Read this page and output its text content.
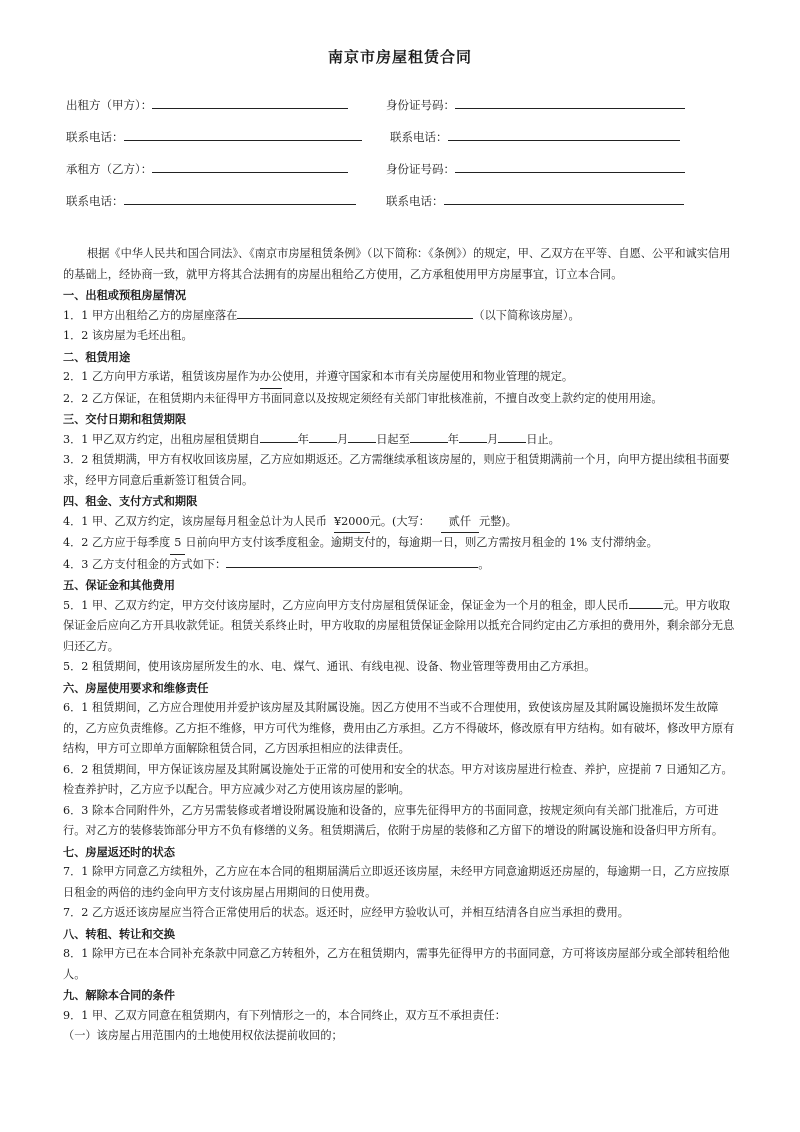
南京市房屋租赁合同
出租方（甲方）：	身份证号码：
联系电话：	联系电话：
承租方（乙方）：	身份证号码：
联系电话：	联系电话：

根据《中华人民共和国合同法》、《南京市房屋租赁条例》（以下简称：《条例》）的规定，甲、乙双方在平等、自愿、公平和诚实信用的基础上，经协商一致，就甲方将其合法拥有的房屋出租给乙方使用，乙方承租使用甲方房屋事宜，订立本合同。

一、出租或预租房屋情况

1．1 甲方出租给乙方的房屋座落在	（以下简称该房屋）。

1．2 该房屋为毛坯出租。

二、租赁用途

2．1 乙方向甲方承诺，租赁该房屋作为办公使用，并遵守国家和本市有关房屋使用和物业管理的规定。

2．2 乙方保证，在租赁期内未征得甲方书面同意以及按规定须经有关部门审批核准前，不擅自改变上款约定的使用用途。

三、交付日期和租赁期限

3．1 甲乙双方约定，出租房屋租赁期自	年	月	日起至	年	月	日止。

3．2 租赁期满，甲方有权收回该房屋，乙方应如期返还。乙方需继续承租该房屋的，则应于租赁期满前一个月，向甲方提出续租书面要求，经甲方同意后重新签订租赁合同。

四、租金、支付方式和期限

4．1 甲、乙双方约定，该房屋每月租金总计为人民币 ¥2000元。(大写： 贰仟 元整)。

4．2 乙方应于每季度 5 日前向甲方支付该季度租金。逾期支付的，每逾期一日，则乙方需按月租金的 1% 支付滞纳金。

4．3 乙方支付租金的方式如下：	。

五、保证金和其他费用

5．1 甲、乙双方约定，甲方交付该房屋时，乙方应向甲方支付房屋租赁保证金，保证金为一个月的租金，即人民币	元。甲方收取保证金后应向乙方开具收款凭证。租赁关系终止时，甲方收取的房屋租赁保证金除用以抵充合同约定由乙方承担的费用外，剩余部分无息归还乙方。

5．2 租赁期间，使用该房屋所发生的水、电、煤气、通讯、有线电视、设备、物业管理等费用由乙方承担。

六、房屋使用要求和维修责任

6．1 租赁期间，乙方应合理使用并爱护该房屋及其附属设施。因乙方使用不当或不合理使用，致使该房屋及其附属设施损坏发生故障的，乙方应负责维修。乙方拒不维修，甲方可代为维修，费用由乙方承担。乙方不得破坏，修改原有甲方结构。如有破坏，修改甲方原有结构，甲方可立即单方面解除租赁合同，乙方因承担相应的法律责任。

6．2 租赁期间，甲方保证该房屋及其附属设施处于正常的可使用和安全的状态。甲方对该房屋进行检查、养护，应提前 7 日通知乙方。检查养护时，乙方应予以配合。甲方应减少对乙方使用该房屋的影响。

6．3 除本合同附件外，乙方另需装修或者增设附属设施和设备的，应事先征得甲方的书面同意，按规定须向有关部门批准后，方可进行。对乙方的装修装饰部分甲方不负有修缮的义务。租赁期满后，依附于房屋的装修和乙方留下的增设的附属设施和设备归甲方所有。

七、房屋返还时的状态

7．1 除甲方同意乙方续租外，乙方应在本合同的租期届满后立即返还该房屋，未经甲方同意逾期返还房屋的，每逾期一日，乙方应按原日租金的两倍的违约金向甲方支付该房屋占用期间的日使用费。

7．2 乙方返还该房屋应当符合正常使用后的状态。返还时，应经甲方验收认可，并相互结清各自应当承担的费用。

八、转租、转让和交换

8．1 除甲方已在本合同补充条款中同意乙方转租外，乙方在租赁期内，需事先征得甲方的书面同意，方可将该房屋部分或全部转租给他人。

九、解除本合同的条件

9．1 甲、乙双方同意在租赁期内，有下列情形之一的，本合同终止，双方互不承担责任：

（一）该房屋占用范围内的土地使用权依法提前收回的；
